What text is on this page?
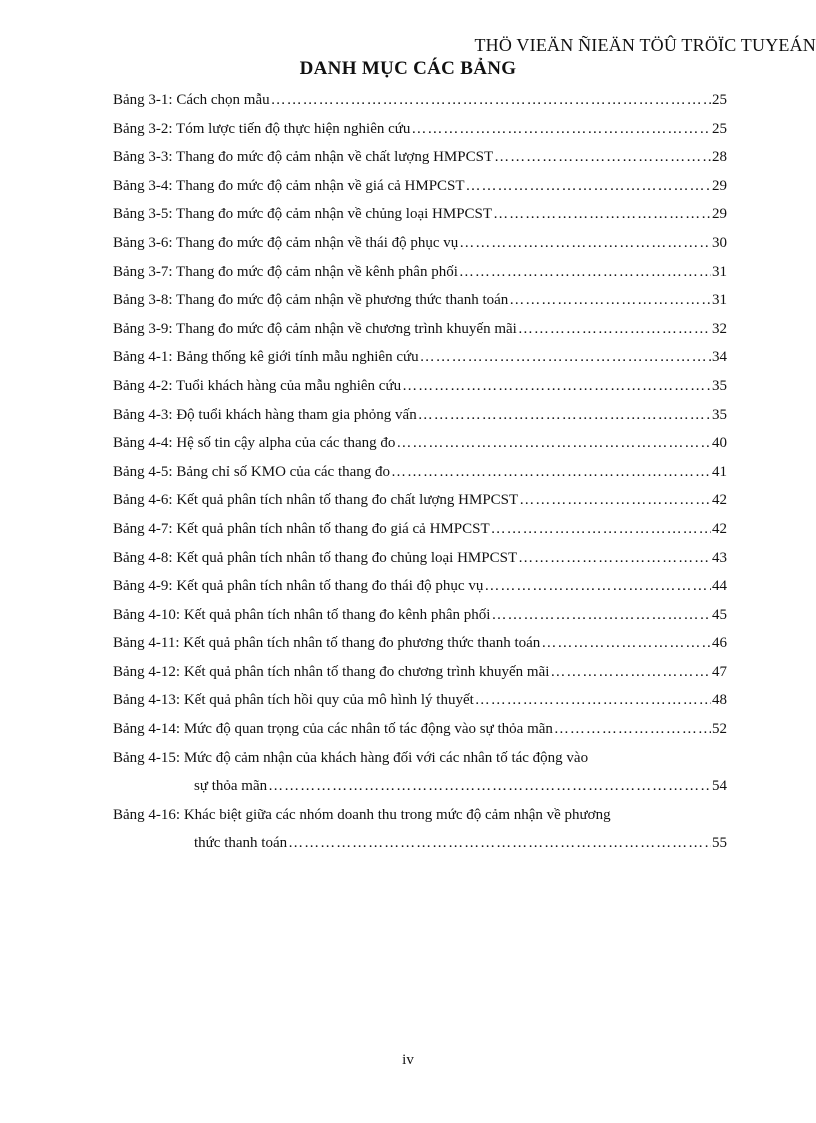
THÖ VIEÄN ÑIEÄN TÖÛ TRÖÏC TUYEÁN
DANH MỤC CÁC BẢNG
Bảng 3-1: Cách chọn mẫu ……………………………………………………………………………………………………………………	25
Bảng 3-2: Tóm lược tiến độ thực hiện nghiên cứu ……………………………………………………………………………………………………………………	25
Bảng 3-3: Thang đo mức độ cảm nhận về chất lượng HMPCST ……………………………………………………………………………………………………………………	28
Bảng 3-4: Thang đo mức độ cảm nhận về giá cả HMPCST ……………………………………………………………………………………………………………………	29
Bảng 3-5: Thang đo mức độ cảm nhận về chủng loại HMPCST ……………………………………………………………………………………………………………………	29
Bảng 3-6: Thang đo mức độ cảm nhận về thái độ phục vụ ……………………………………………………………………………………………………………………	30
Bảng 3-7: Thang đo mức độ cảm nhận về kênh phân phối ……………………………………………………………………………………………………………………	31
Bảng 3-8: Thang đo mức độ cảm nhận về phương thức thanh toán ……………………………………………………………………………………………………………………	31
Bảng 3-9: Thang đo mức độ cảm nhận về chương trình khuyến mãi ……………………………………………………………………………………………………………………	32
Bảng 4-1: Bảng thống kê giới tính mẫu nghiên cứu ……………………………………………………………………………………………………………………	34
Bảng 4-2: Tuổi khách hàng của mẫu nghiên cứu ……………………………………………………………………………………………………………………	35
Bảng 4-3: Độ tuổi khách hàng tham gia phỏng vấn ……………………………………………………………………………………………………………………	35
Bảng 4-4: Hệ số tin cậy alpha của các thang đo ……………………………………………………………………………………………………………………	40
Bảng 4-5: Bảng chỉ số KMO của các thang đo ……………………………………………………………………………………………………………………	41
Bảng 4-6: Kết quả phân tích nhân tố thang đo chất lượng HMPCST ……………………………………………………………………………………………………………………	42
Bảng 4-7: Kết quả phân tích nhân tố thang đo giá cả HMPCST ……………………………………………………………………………………………………………………	42
Bảng 4-8: Kết quả phân tích nhân tố thang đo chủng loại HMPCST ……………………………………………………………………………………………………………………	43
Bảng 4-9: Kết quả phân tích nhân tố thang đo thái độ phục vụ ……………………………………………………………………………………………………………………	44
Bảng 4-10: Kết quả phân tích nhân tố thang đo kênh phân phối ……………………………………………………………………………………………………………………	45
Bảng 4-11: Kết quả phân tích nhân tố thang đo phương thức thanh toán ……………………………………………………………………………………………………………………	46
Bảng 4-12: Kết quả phân tích nhân tố thang đo chương trình khuyến mãi ……………………………………………………………………………………………………………………	47
Bảng 4-13: Kết quả phân tích hồi quy của mô hình lý thuyết ……………………………………………………………………………………………………………………	48
Bảng 4-14: Mức độ quan trọng của các nhân tố tác động vào sự thỏa mãn ……………………………………………………………………………………………………………………	52
Bảng 4-15: Mức độ cảm nhận của khách hàng đối với các nhân tố tác động vào
sự thỏa mãn ……………………………………………………………………………………………………………………	54
Bảng 4-16: Khác biệt giữa các nhóm doanh thu trong mức độ cảm nhận về phương
thức thanh toán ……………………………………………………………………………………………………………………	55
iv
